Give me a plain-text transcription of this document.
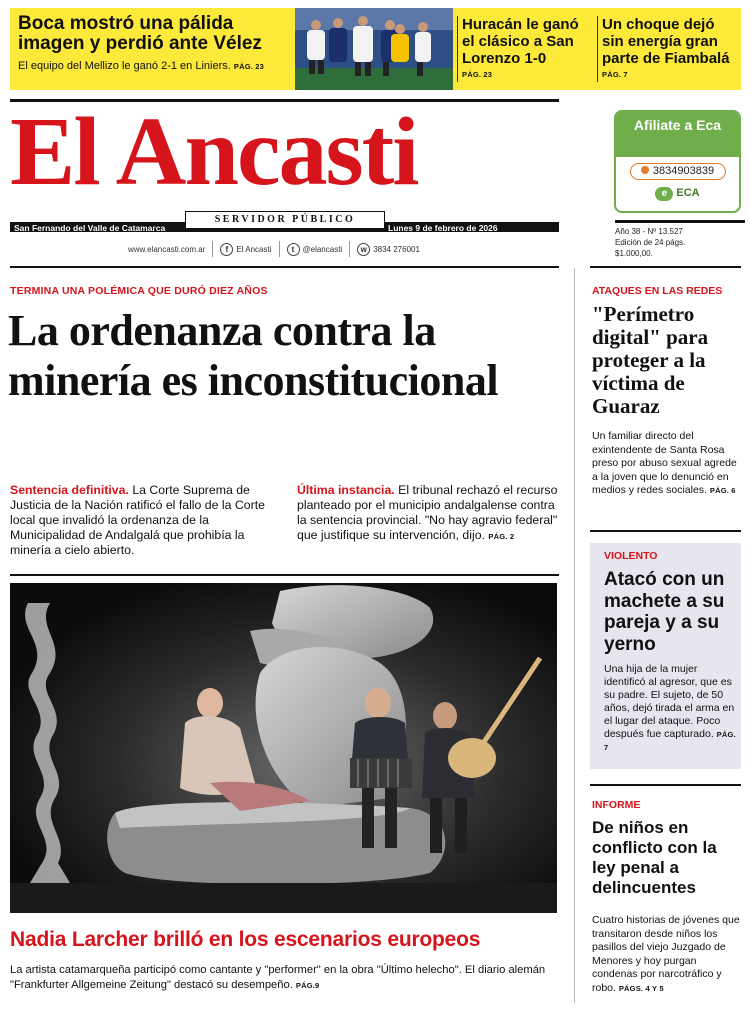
Boca mostró una pálida imagen y perdió ante Vélez
El equipo del Mellizo le ganó 2-1 en Liniers. PÁG. 23
Huracán le ganó el clásico a San Lorenzo 1-0
PÁG. 23
Un choque dejó sin energía gran parte de Fiambalá
PÁG. 7
El Ancasti
SERVIDOR PÚBLICO
San Fernando del Valle de Catamarca	Lunes 9 de febrero de 2026
www.elancasti.com.ar	f	El Ancasti	t	@elancasti	w 3834 276001
Afiliate a Eca
3834903839
e ECA
Año 38 - Nº 13.527
Edición de 24 págs.
$1.000,00.
TERMINA UNA POLÉMICA QUE DURÓ DIEZ AÑOS
La ordenanza contra la minería es inconstitucional
Sentencia definitiva. La Corte Suprema de Justicia de la Nación ratificó el fallo de la Corte local que invalidó la ordenanza de la Municipalidad de Andalgalá que prohibía la minería a cielo abierto.
Última instancia. El tribunal rechazó el recurso planteado por el municipio andalgalense contra la sentencia provincial. "No hay agravio federal" que justifique su intervención, dijo. PÁG. 2
Nadia Larcher brilló en los escenarios europeos
La artista catamarqueña participó como cantante y "performer" en la obra "Último helecho". El diario alemán "Frankfurter Allgemeine Zeitung" destacó su desempeño. PÁG.9
ATAQUES EN LAS REDES
"Perímetro digital" para proteger a la víctima de Guaraz
Un familiar directo del exintendente de Santa Rosa preso por abuso sexual agrede a la joven que lo denunció en medios y redes sociales. PÁG. 6
VIOLENTO
Atacó con un machete a su pareja y a su yerno
Una hija de la mujer identificó al agresor, que es su padre. El sujeto, de 50 años, dejó tirada el arma en el lugar del ataque. Poco después fue capturado. PÁG. 7
INFORME
De niños en conflicto con la ley penal a delincuentes
Cuatro historias de jóvenes que transitaron desde niños los pasillos del viejo Juzgado de Menores y hoy purgan condenas por narcotráfico y robo. PÁGS. 4 Y 5
